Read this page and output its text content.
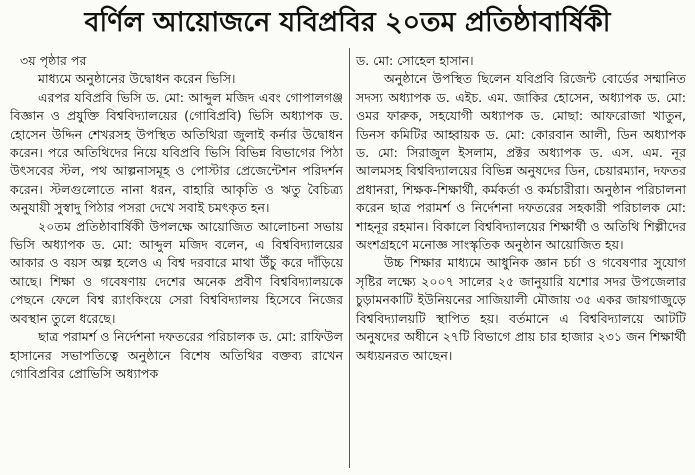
বর্ণিল আয়োজনে যবিপ্রবির ২০তম প্রতিষ্ঠাবার্ষিকী

৩য় পৃষ্ঠার পর

মাধ্যমে অনুষ্ঠানের উদ্বোধন করেন ভিসি।

এরপর যবিপ্রবি ভিসি ড. মো: আব্দুল মজিদ এবং গোপালগঞ্জ বিজ্ঞান ও প্রযুক্তি বিশ্ববিদ্যালয়ের (গোবিপ্রবি) ভিসি অধ্যাপক ড. হোসেন উদ্দিন শেখরসহ উপস্থিত অতিথিরা জুলাই কর্নার উদ্বোধন করেন। পরে অতিথিদের নিয়ে যবিপ্রবি ভিসি বিভিন্ন বিভাগের পিঠা উৎসবের স্টল, পথ আল্পনাসমূহ ও পোস্টার প্রেজেন্টেশন পরিদর্শন করেন। স্টলগুলোতে নানা ধরন, বাহারি আকৃতি ও ঋতু বৈচিত্র্য অনুযায়ী সুস্বাদু পিঠার পসরা দেখে সবাই চমৎকৃত হন।

২০তম প্রতিষ্ঠাবার্ষিকী উপলক্ষে আয়োজিত আলোচনা সভায় ভিসি অধ্যাপক ড. মো: আব্দুল মজিদ বলেন, এ বিশ্ববিদ্যালয়ের আকার ও বয়স অল্প হলেও এ বিশ্ব দরবারে মাথা উঁচু করে দাঁড়িয়ে আছে। শিক্ষা ও গবেষণায় দেশের অনেক প্রবীণ বিশ্ববিদ্যালয়কে পেছনে ফেলে বিশ্ব র‍্যাংকিংয়ে সেরা বিশ্ববিদ্যালয় হিসেবে নিজের অবস্থান তুলে ধরেছে।

ছাত্র পরামর্শ ও নির্দেশনা দফতরের পরিচালক ড. মো: রাফিউল হাসানের সভাপতিত্বে অনুষ্ঠানে বিশেষ অতিথির বক্তব্য রাখেন গোবিপ্রবির প্রোভিসি অধ্যাপক

ড. মো: সোহেল হাসান।

অনুষ্ঠানে উপস্থিত ছিলেন যবিপ্রবি রিজেন্ট বোর্ডের সম্মানিত সদস্য অধ্যাপক ড. এইচ. এম. জাকির হোসেন, অধ্যাপক ড. মো: ওমর ফারুক, সহযোগী অধ্যাপক ড. মোছা: আফরোজা খাতুন, ডিনস কমিটির আহ্বায়ক ড. মো: কোরবান আলী, ডিন অধ্যাপক ড. মো: সিরাজুল ইসলাম, প্রক্টর অধ্যাপক ড. এস. এম. নূর আলমসহ বিশ্ববিদ্যালয়ের বিভিন্ন অনুষদের ডিন, চেয়ারম্যান, দফতর প্রধানরা, শিক্ষক-শিক্ষার্থী, কর্মকর্তা ও কর্মচারীরা। অনুষ্ঠান পরিচালনা করেন ছাত্র পরামর্শ ও নির্দেশনা দফতরের সহকারী পরিচালক মো: শাহনূর রহমান। বিকালে বিশ্ববিদ্যালয়ের শিক্ষার্থী ও অতিথি শিল্পীদের অংশগ্রহণে মনোজ্ঞ সাংস্কৃতিক অনুষ্ঠান আয়োজিত হয়।

উচ্চ শিক্ষার মাধ্যমে আধুনিক জ্ঞান চর্চা ও গবেষণার সুযোগ সৃষ্টির লক্ষ্যে ২০০৭ সালের ২৫ জানুয়ারি যশোর সদর উপজেলার চুড়ামনকাটি ইউনিয়নের সাজিয়ালী মৌজায় ৩৫ একর জায়গাজুড়ে বিশ্ববিদ্যালয়টি স্থাপিত হয়। বর্তমানে এ বিশ্ববিদ্যালয়ে আটটি অনুষদের অধীনে ২৭টি বিভাগে প্রায় চার হাজার ২৩১ জন শিক্ষার্থী অধ্যয়নরত আছেন।
